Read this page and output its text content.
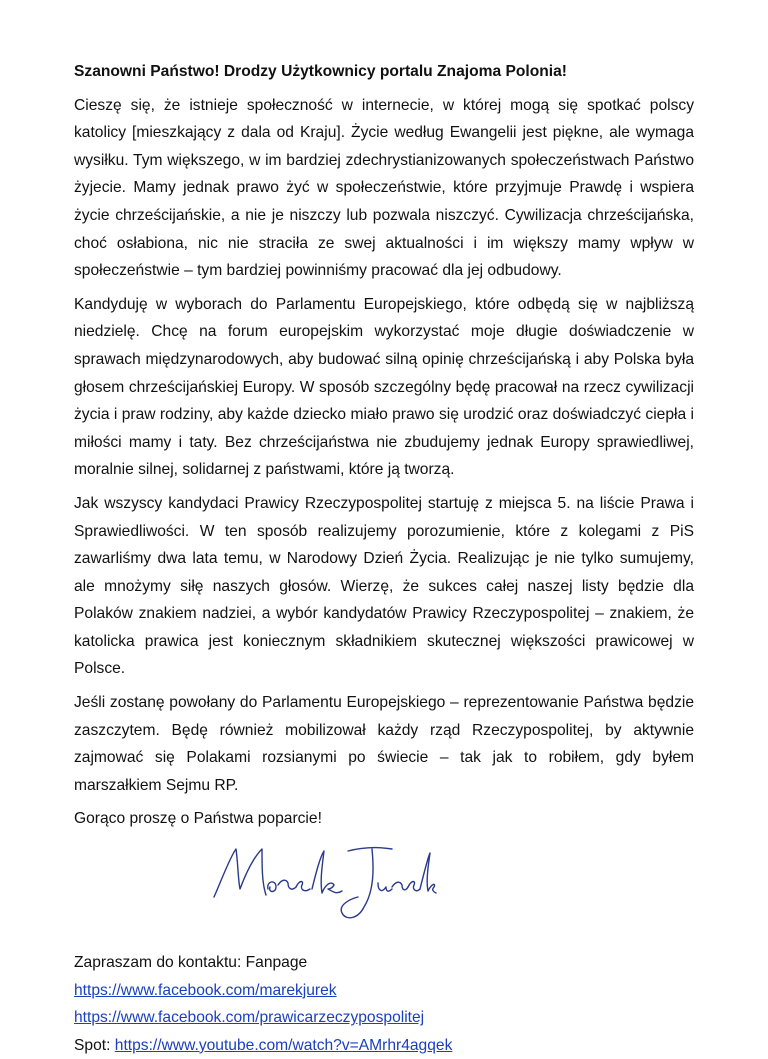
Szanowni Państwo! Drodzy Użytkownicy portalu Znajoma Polonia!

Cieszę się, że istnieje społeczność w internecie, w której mogą się spotkać polscy katolicy [mieszkający z dala od Kraju]. Życie według Ewangelii jest piękne, ale wymaga wysiłku. Tym większego, w im bardziej zdechrystianizowanych społeczeństwach Państwo żyjecie. Mamy jednak prawo żyć w społeczeństwie, które przyjmuje Prawdę i wspiera życie chrześcijańskie, a nie je niszczy lub pozwala niszczyć. Cywilizacja chrześcijańska, choć osłabiona, nic nie straciła ze swej aktualności i im większy mamy wpływ w społeczeństwie – tym bardziej powinniśmy pracować dla jej odbudowy.

Kandyduję w wyborach do Parlamentu Europejskiego, które odbędą się w najbliższą niedzielę. Chcę na forum europejskim wykorzystać moje długie doświadczenie w sprawach międzynarodowych, aby budować silną opinię chrześcijańską i aby Polska była głosem chrześcijańskiej Europy. W sposób szczególny będę pracował na rzecz cywilizacji życia i praw rodziny, aby każde dziecko miało prawo się urodzić oraz doświadczyć ciepła i miłości mamy i taty. Bez chrześcijaństwa nie zbudujemy jednak Europy sprawiedliwej, moralnie silnej, solidarnej z państwami, które ją tworzą.

Jak wszyscy kandydaci Prawicy Rzeczypospolitej startuję z miejsca 5. na liście Prawa i Sprawiedliwości. W ten sposób realizujemy porozumienie, które z kolegami z PiS zawarliśmy dwa lata temu, w Narodowy Dzień Życia. Realizując je nie tylko sumujemy, ale mnożymy siłę naszych głosów. Wierzę, że sukces całej naszej listy będzie dla Polaków znakiem nadziei, a wybór kandydatów Prawicy Rzeczypospolitej – znakiem, że katolicka prawica jest koniecznym składnikiem skutecznej większości prawicowej w Polsce.

Jeśli zostanę powołany do Parlamentu Europejskiego – reprezentowanie Państwa będzie zaszczytem. Będę również mobilizował każdy rząd Rzeczypospolitej, by aktywnie zajmować się Polakami rozsianymi po świecie – tak jak to robiłem, gdy byłem marszałkiem Sejmu RP.

Gorąco proszę o Państwa poparcie!

Zapraszam do kontaktu: Fanpage

https://www.facebook.com/marekjurek

https://www.facebook.com/prawicarzeczypospolitej

Spot: https://www.youtube.com/watch?v=AMrhr4agqek
